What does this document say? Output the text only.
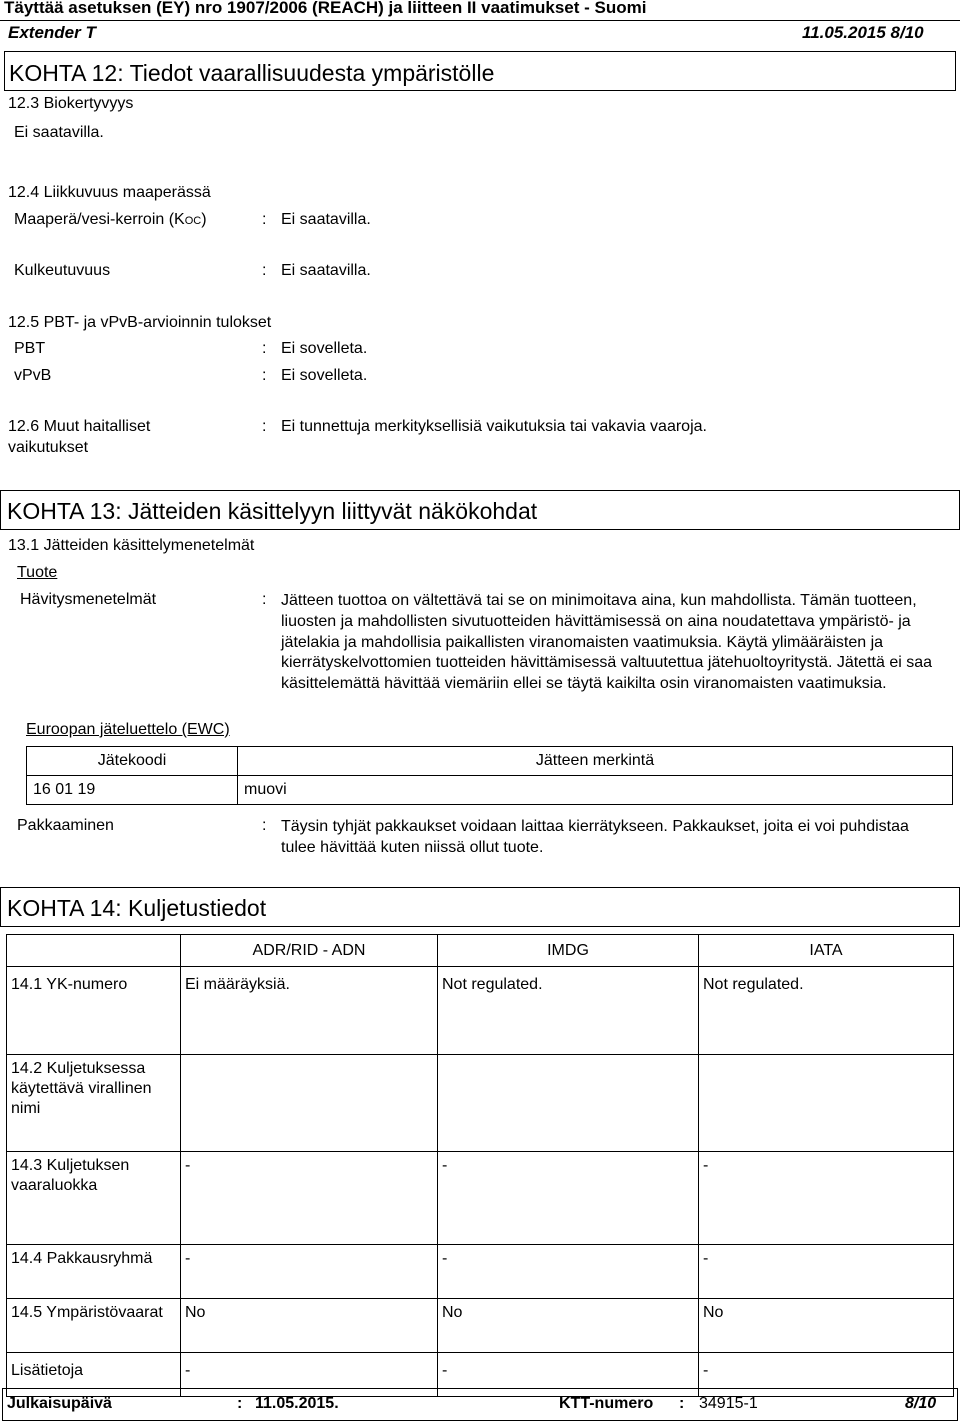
Täyttää asetuksen (EY) nro 1907/2006 (REACH) ja liitteen II vaatimukset - Suomi
Extender T	11.05.2015 8/10
KOHTA 12: Tiedot vaarallisuudesta ympäristölle
12.3 Biokertyvyys
Ei saatavilla.
12.4 Liikkuvuus maaperässä
Maaperä/vesi-kerroin (KOC)	: Ei saatavilla.
Kulkeutuvuus	: Ei saatavilla.
12.5 PBT- ja vPvB-arvioinnin tulokset
PBT	: Ei sovelleta.
vPvB	: Ei sovelleta.
12.6 Muut haitalliset
vaikutukset
: Ei tunnettuja merkityksellisiä vaikutuksia tai vakavia vaaroja.
KOHTA 13: Jätteiden käsittelyyn liittyvät näkökohdat
13.1 Jätteiden käsittelymenetelmät
Tuote
Hävitysmenetelmät	: Jätteen tuottoa on vältettävä tai se on minimoitava aina, kun mahdollista. Tämän tuotteen, liuosten ja mahdollisten sivutuotteiden hävittämisessä on aina noudatettava ympäristö- ja jätelakia ja mahdollisia paikallisten viranomaisten vaatimuksia. Käytä ylimääräisten ja kierrätyskelvottomien tuotteiden hävittämisessä valtuutettua jätehuoltoyritystä. Jätettä ei saa käsittelemättä hävittää viemäriin ellei se täytä kaikilta osin viranomaisten vaatimuksia.
Euroopan jäteluettelo (EWC)
Jätekoodi	Jätteen merkintä
16 01 19	muovi
Pakkaaminen	: Täysin tyhjät pakkaukset voidaan laittaa kierrätykseen. Pakkaukset, joita ei voi puhdistaa tulee hävittää kuten niissä ollut tuote.
KOHTA 14: Kuljetustiedot
	ADR/RID - ADN	IMDG	IATA
14.1 YK-numero	Ei määräyksiä.	Not regulated.	Not regulated.
14.2 Kuljetuksessa käytettävä virallinen nimi			
14.3 Kuljetuksen vaaraluokka	-	-	-
14.4 Pakkausryhmä	-	-	-
14.5 Ympäristövaarat	No	No	No
Lisätietoja	-	-	-
Julkaisupäivä	: 11.05.2015.	KTT-numero : 34915-1	8/10
